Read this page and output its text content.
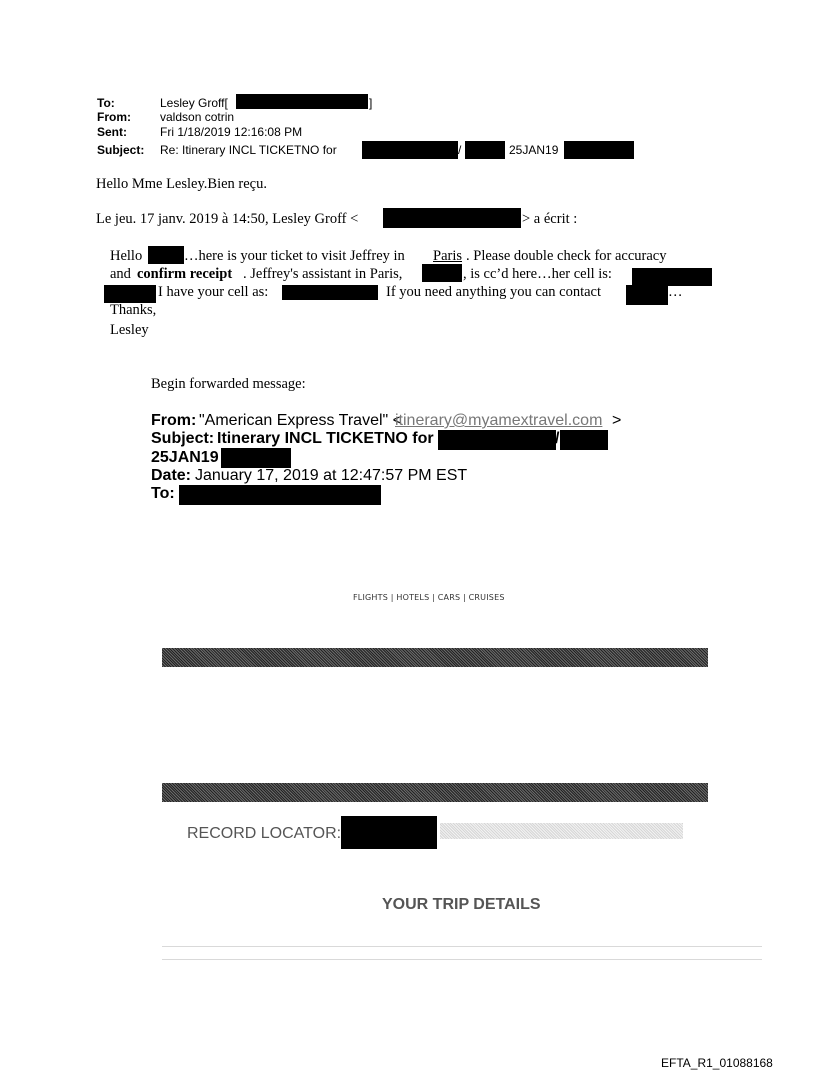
To:	Lesley Groff[	]
From: valdson cotrin
Sent:	Fri 1/18/2019 12:16:08 PM
Subject: Re: Itinerary INCL TICKETNO for	/	25JAN19
Hello Mme Lesley.Bien reçu.
Le jeu. 17 janv. 2019 à 14:50, Lesley Groff <	> a écrit :
Hello	…here is your ticket to visit Jeffrey in Paris . Please double check for accuracy
and confirm receipt . Jeffrey's assistant in Paris,	, is cc’d here…her cell is:
I have your cell as:	If you need anything you can contact	…
Thanks,
Lesley
Begin forwarded message:
From: "American Express Travel" <
itinerary@myamextravel.com >
Subject: Itinerary INCL TICKETNO for	/
25JAN19
Date: January 17, 2019 at 12:47:57 PM EST
To:
FLIGHTS | HOTELS | CARS | CRUISES
RECORD LOCATOR:
YOUR TRIP DETAILS
EFTA_R1_01088168
